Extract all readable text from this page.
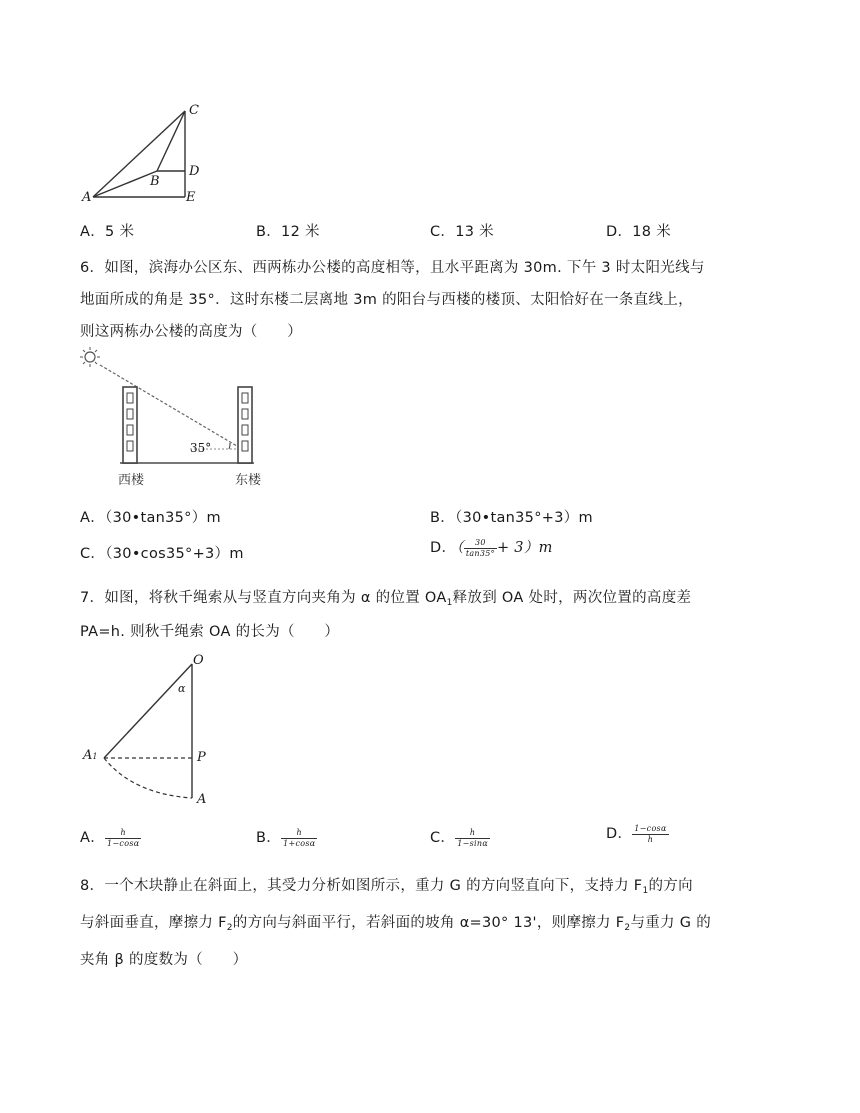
C
D
A
B
E
A．5 米	B．12 米	C．13 米	D．18 米
6．如图，滨海办公区东、西两栋办公楼的高度相等，且水平距离为 30m. 下午 3 时太阳光线与
地面所成的角是 35°．这时东楼二层离地 3m 的阳台与西楼的楼顶、太阳恰好在一条直线上，
则这两栋办公楼的高度为（　　）
35°
西楼	东楼
A．（30•tan35°）m	B．（30•tan35°+3）m
C．（30•cos35°+3）m	D．（ $\frac{30}{\tan 35^\circ} + 3)m$
7．如图，将秋千绳索从与竖直方向夹角为 α 的位置 $OA_1$释放到 OA 处时，两次位置的高度差
PA=h. 则秋千绳索 OA 的长为（　　）
O
α
A1	P
A
A． $\frac{h}{1-\cos\alpha}$	B． $\frac{h}{1+\cos\alpha}$	C． $\frac{h}{1-\sin\alpha}$	D． $\frac{1-\cos\alpha}{h}$
8．一个木块静止在斜面上，其受力分析如图所示，重力 G 的方向竖直向下，支持力 $F_1$的方向
与斜面垂直，摩擦力 $F_2$的方向与斜面平行，若斜面的坡角 α=30° 13'，则摩擦力 $F_2$与重力 G 的
夹角 β 的度数为（　　）
